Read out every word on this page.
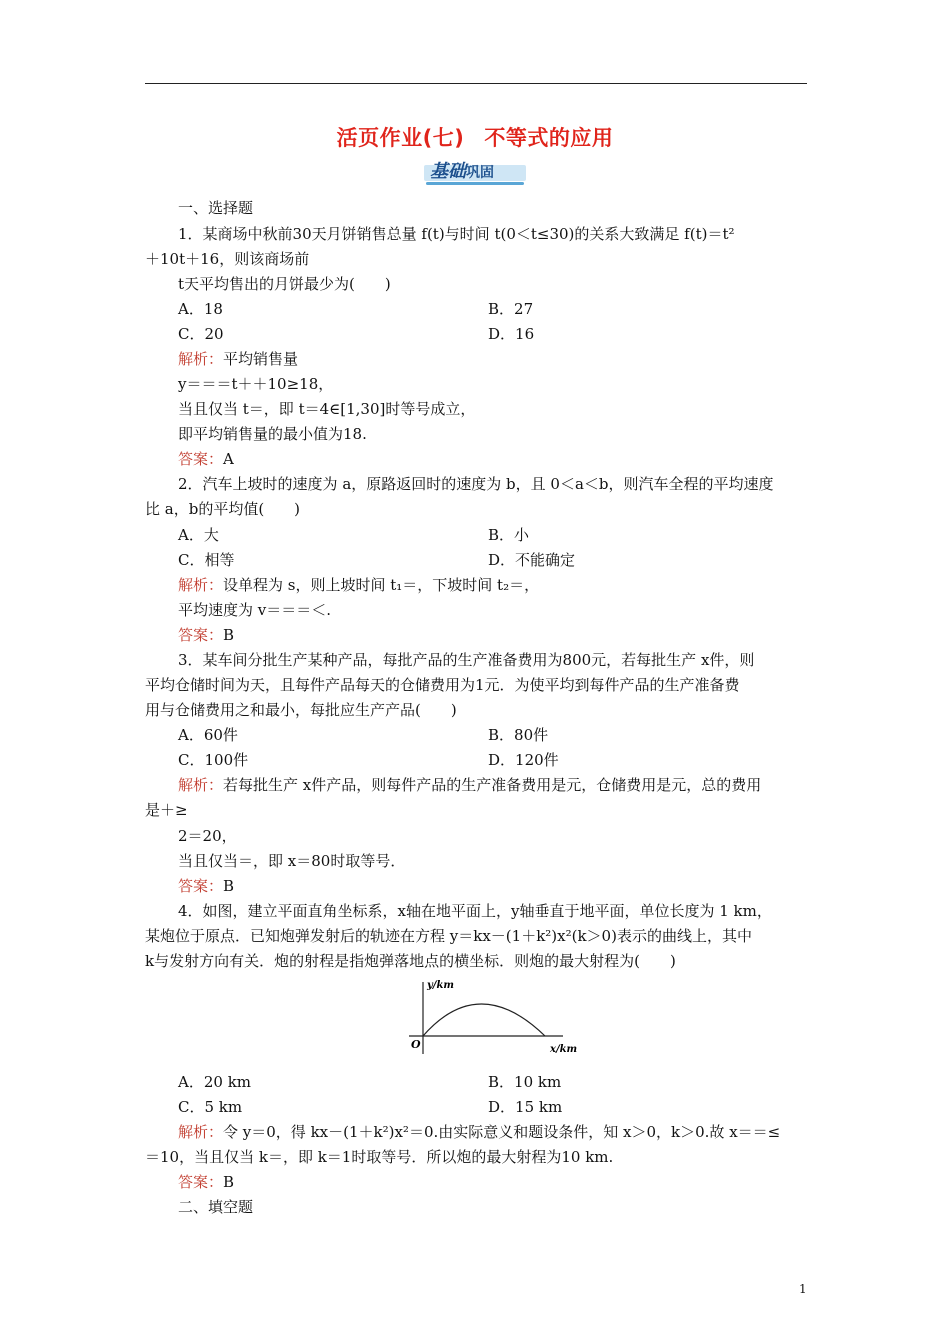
活页作业(七) 不等式的应用
基础巩固
一、选择题
1．某商场中秋前30天月饼销售总量 f(t)与时间 t(0＜t≤30)的关系大致满足 f(t)＝t²
＋10t＋16，则该商场前
t天平均售出的月饼最少为(　　)
A．18	B．27
C．20	D．16
解析：平均销售量
y＝＝＝t＋＋10≥18，
当且仅当 t＝，即 t＝4∈[1,30]时等号成立，
即平均销售量的最小值为18.
答案：A
2．汽车上坡时的速度为 a，原路返回时的速度为 b，且 0＜a＜b，则汽车全程的平均速度
比 a，b的平均值(　　)
A．大	B．小
C．相等	D．不能确定
解析：设单程为 s，则上坡时间 t₁＝，下坡时间 t₂＝，
平均速度为 v＝＝＝＜.
答案：B
3．某车间分批生产某种产品，每批产品的生产准备费用为800元，若每批生产 x件，则
平均仓储时间为天，且每件产品每天的仓储费用为1元．为使平均到每件产品的生产准备费
用与仓储费用之和最小，每批应生产产品(　　)
A．60件	B．80件
C．100件	D．120件
解析：若每批生产 x件产品，则每件产品的生产准备费用是元，仓储费用是元，总的费用
是＋≥
2＝20，
当且仅当＝，即 x＝80时取等号．
答案：B
4．如图，建立平面直角坐标系，x轴在地平面上，y轴垂直于地平面，单位长度为 1 km，
某炮位于原点．已知炮弹发射后的轨迹在方程 y＝kx－(1＋k²)x²(k＞0)表示的曲线上，其中
k与发射方向有关．炮的射程是指炮弹落地点的横坐标．则炮的最大射程为(　　)
y/km
x/km
O
A．20 km	B．10 km
C．5 km	D．15 km
解析：令 y＝0，得 kx－(1＋k²)x²＝0.由实际意义和题设条件，知 x＞0，k＞0.故 x＝＝≤
＝10，当且仅当 k＝，即 k＝1时取等号．所以炮的最大射程为10 km.
答案：B
二、填空题
1
